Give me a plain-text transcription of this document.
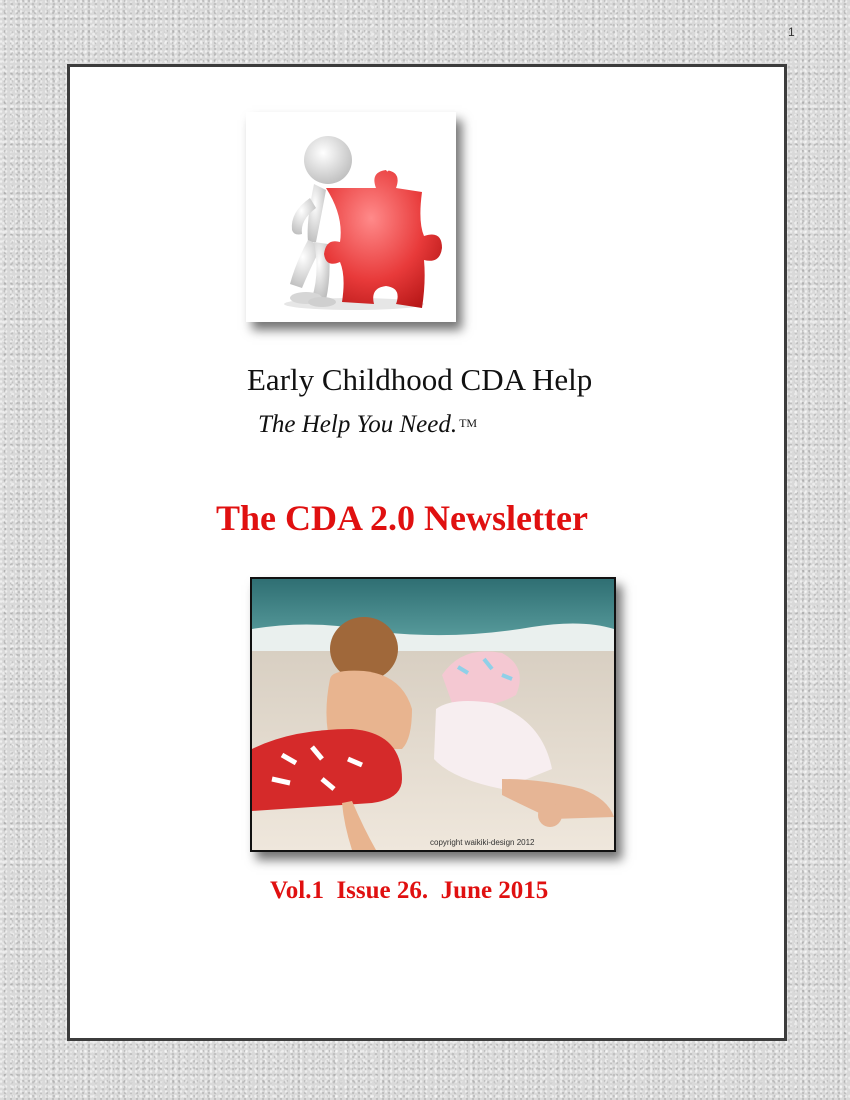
1
Early Childhood CDA Help
The Help You Need. ™
The CDA 2.0 Newsletter
copyright waikiki-design 2012
Vol.1  Issue 26.  June 2015
